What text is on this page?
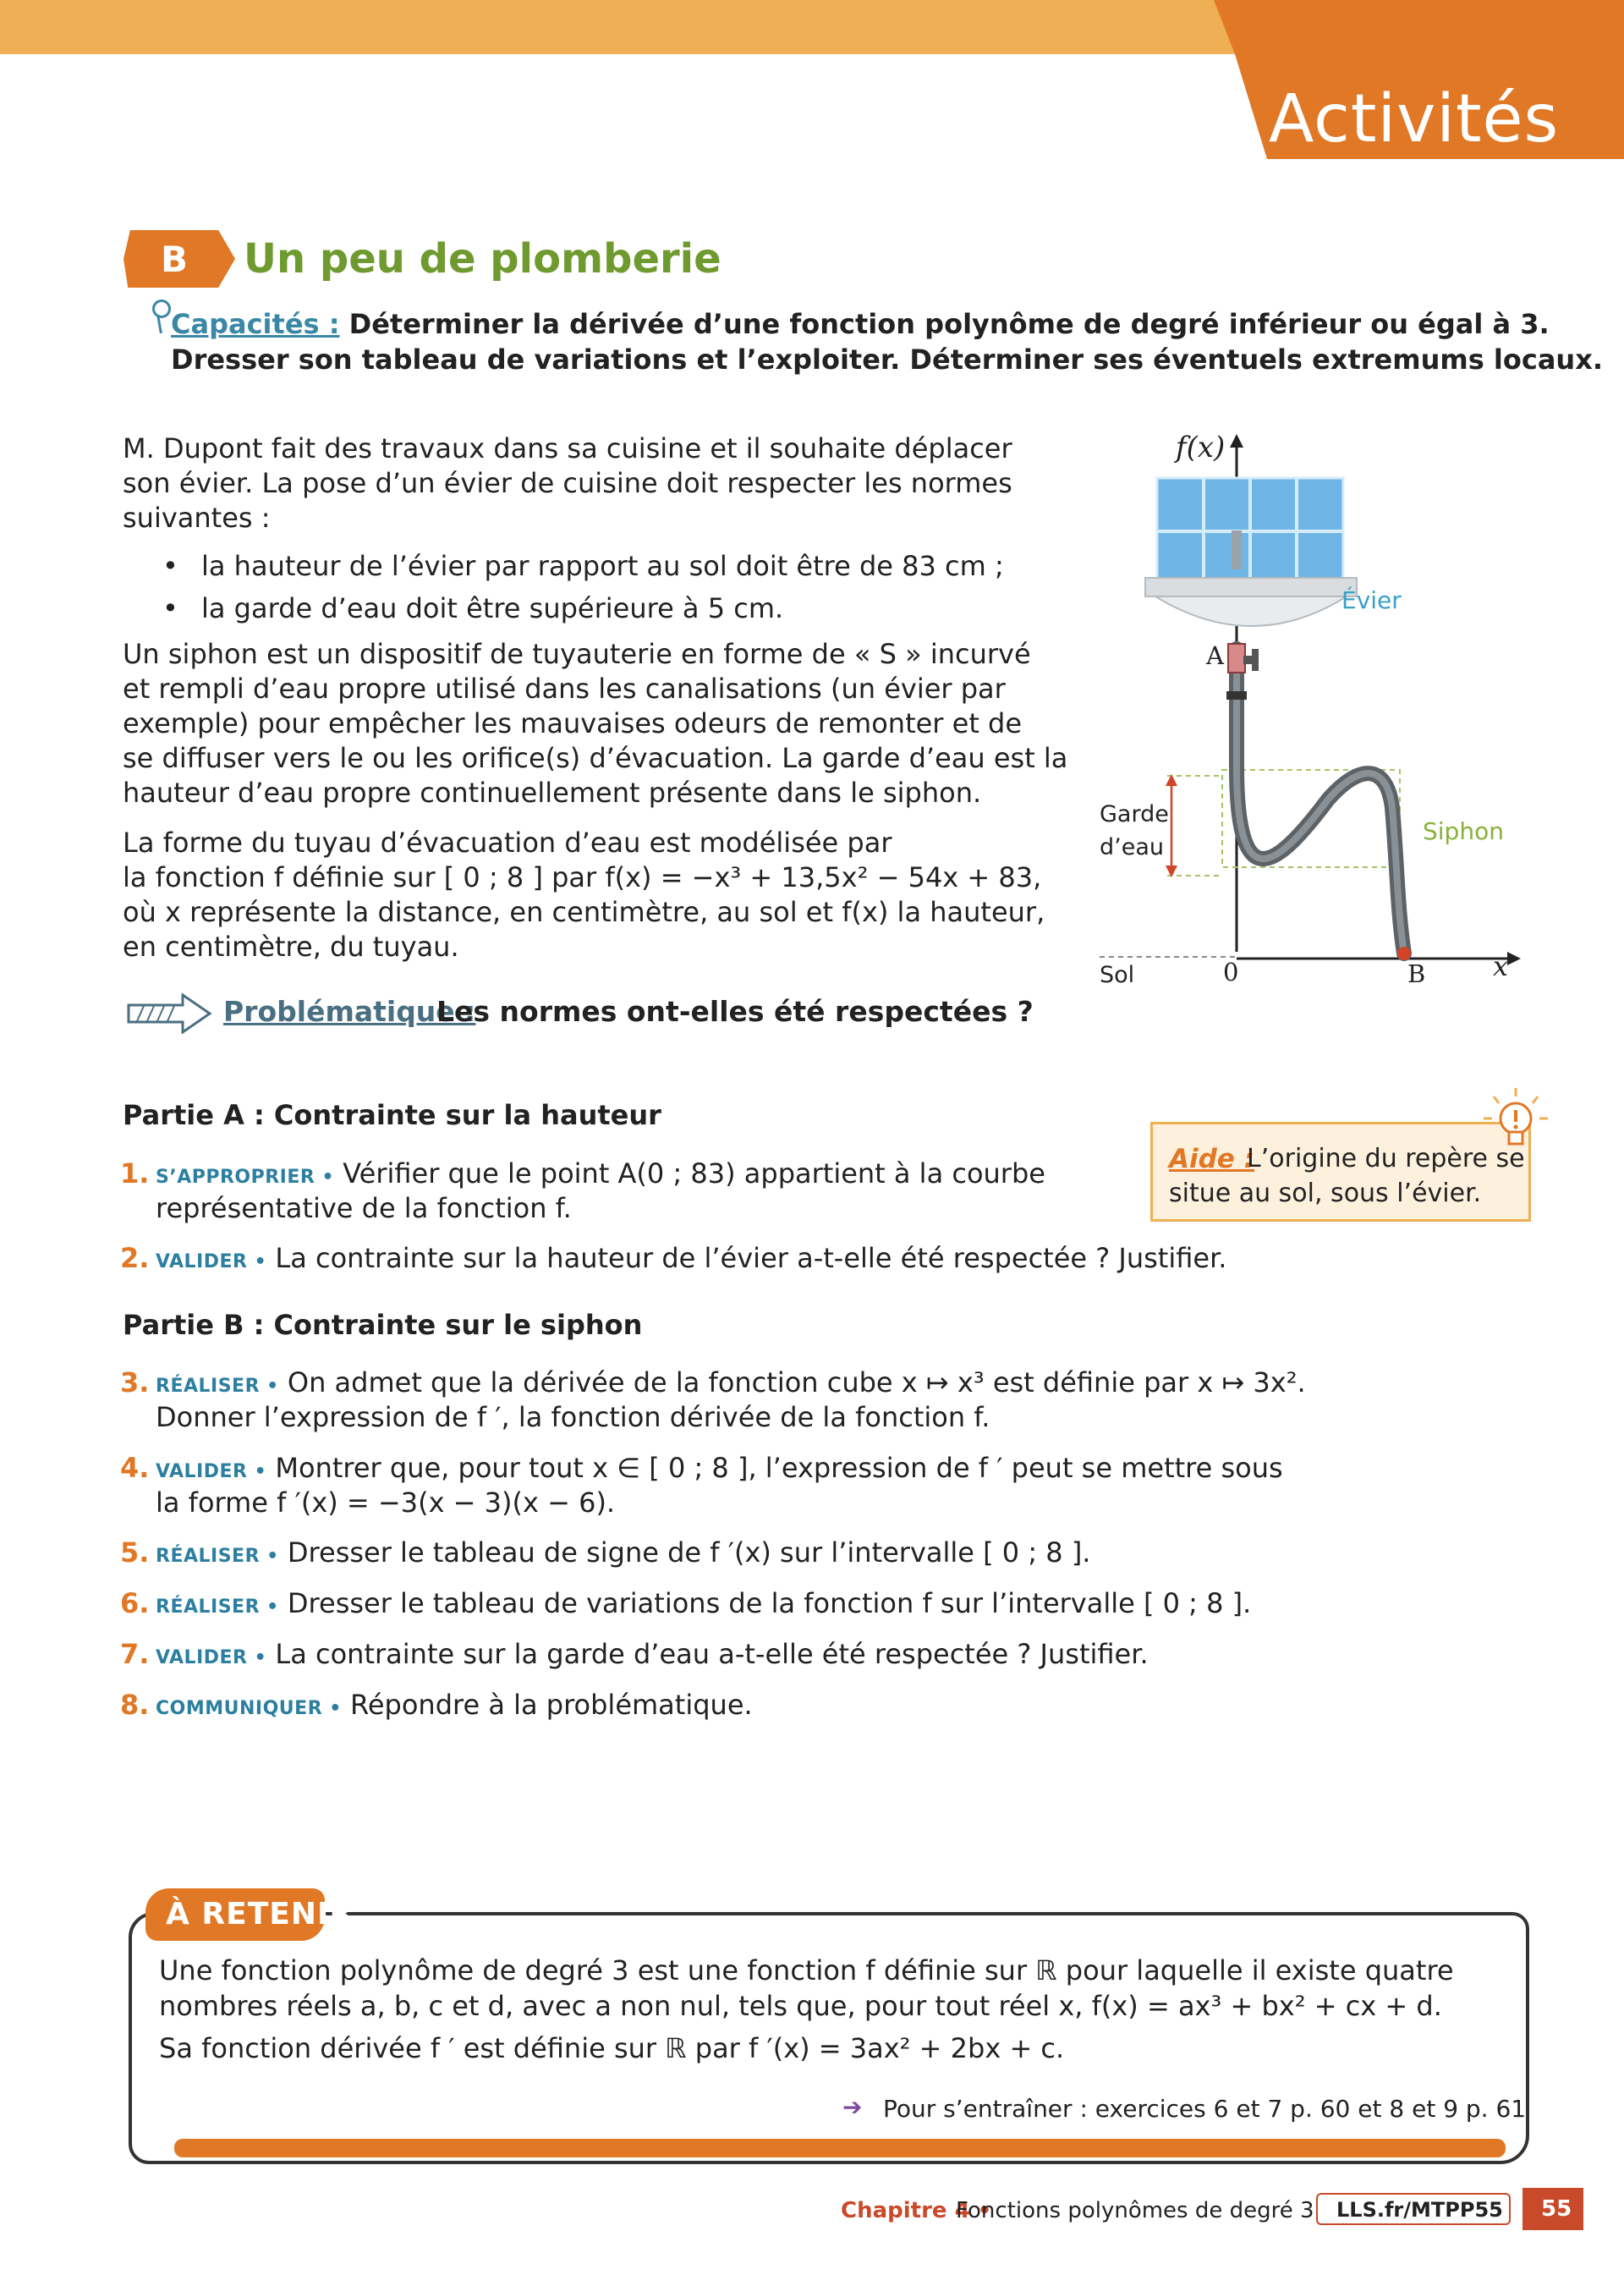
Activités
B Un peu de plomberie
Capacités : Déterminer la dérivée d’une fonction polynôme de degré inférieur ou égal à 3.
Dresser son tableau de variations et l’exploiter. Déterminer ses éventuels extremums locaux.
M. Dupont fait des travaux dans sa cuisine et il souhaite déplacer
son évier. La pose d’un évier de cuisine doit respecter les normes
suivantes :
• la hauteur de l’évier par rapport au sol doit être de 83 cm ;
• la garde d’eau doit être supérieure à 5 cm.
Un siphon est un dispositif de tuyauterie en forme de « S » incurvé
et rempli d’eau propre utilisé dans les canalisations (un évier par
exemple) pour empêcher les mauvaises odeurs de remonter et de
se diffuser vers le ou les orifice(s) d’évacuation. La garde d’eau est la
hauteur d’eau propre continuellement présente dans le siphon.
La forme du tuyau d’évacuation d’eau est modélisée par
la fonction f définie sur [ 0 ; 8 ] par f(x) = −x³ + 13,5x² − 54x + 83,
où x représente la distance, en centimètre, au sol et f(x) la hauteur,
en centimètre, du tuyau.
f(x)
x
Évier
Siphon
Garde
d’eau
Sol	0
A
B
Problématique :
Les normes ont-elles été respectées ?
Partie A : Contrainte sur la hauteur
1. S’APPROPRIER • Vérifier que le point A(0 ; 83) appartient à la courbe
représentative de la fonction f.
2. VALIDER • La contrainte sur la hauteur de l’évier a-t-elle été respectée ? Justifier.
Aide :
L’origine du repère se
situe au sol, sous l’évier.
Partie B : Contrainte sur le siphon
3. RÉALISER • On admet que la dérivée de la fonction cube x ↦ x³ est définie par x ↦ 3x².
Donner l’expression de f ′, la fonction dérivée de la fonction f.
4. VALIDER • Montrer que, pour tout x ∈ [ 0 ; 8 ], l’expression de f ′ peut se mettre sous
la forme f ′(x) = −3(x − 3)(x − 6).
5. RÉALISER • Dresser le tableau de signe de f ′(x) sur l’intervalle [ 0 ; 8 ].
6. RÉALISER • Dresser le tableau de variations de la fonction f sur l’intervalle [ 0 ; 8 ].
7. VALIDER • La contrainte sur la garde d’eau a-t-elle été respectée ? Justifier.
8. COMMUNIQUER • Répondre à la problématique.
À RETENIR
Une fonction polynôme de degré 3 est une fonction f définie sur ℝ pour laquelle il existe quatre
nombres réels a, b, c et d, avec a non nul, tels que, pour tout réel x, f(x) = ax³ + bx² + cx + d.
Sa fonction dérivée f ′ est définie sur ℝ par f ′(x) = 3ax² + 2bx + c.
➔ Pour s’entraîner : exercices 6 et 7 p. 60 et 8 et 9 p. 61
Chapitre 4 •
Fonctions polynômes de degré 3 LLS.fr/MTPP55 55
